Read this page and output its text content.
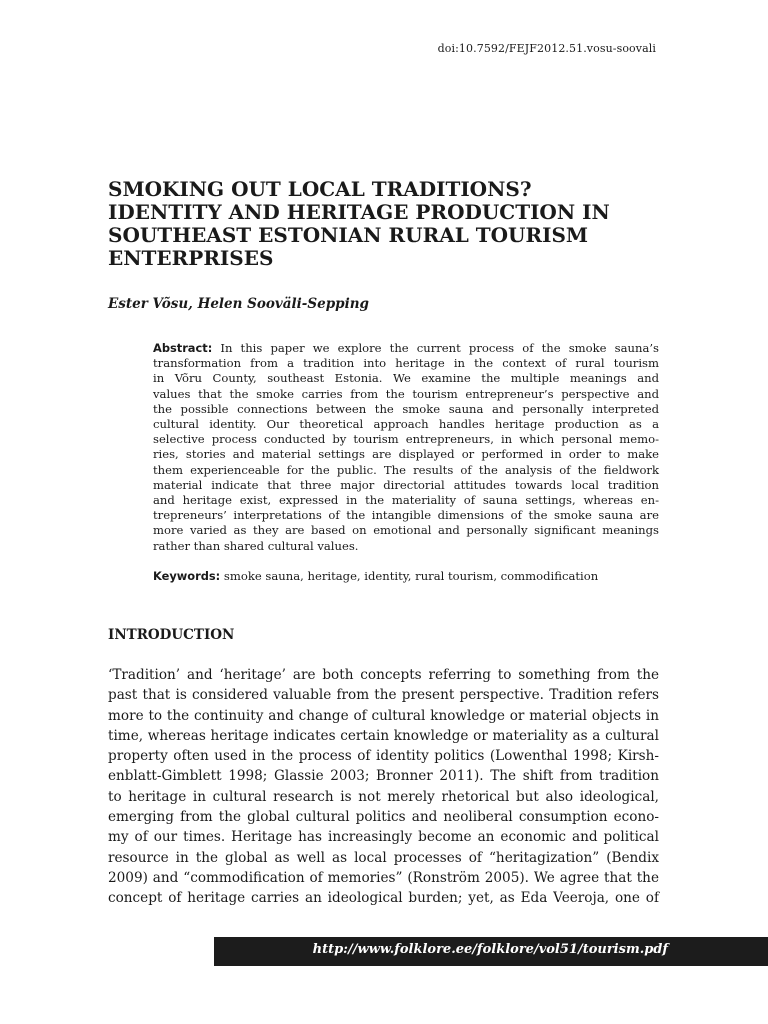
doi:10.7592/FEJF2012.51.vosu-soovali
SMOKING OUT LOCAL TRADITIONS?
IDENTITY AND HERITAGE PRODUCTION IN
SOUTHEAST ESTONIAN RURAL TOURISM
ENTERPRISES
Ester Võsu, Helen Sooväli-Sepping
Abstract: In this paper we explore the current process of the smoke sauna’s
transformation from a tradition into heritage in the context of rural tourism
in Võru County, southeast Estonia. We examine the multiple meanings and
values that the smoke carries from the tourism entrepreneur’s perspective and
the possible connections between the smoke sauna and personally interpreted
cultural identity. Our theoretical approach handles heritage production as a
selective process conducted by tourism entrepreneurs, in which personal memo-
ries, stories and material settings are displayed or performed in order to make
them experienceable for the public. The results of the analysis of the fieldwork
material indicate that three major directorial attitudes towards local tradition
and heritage exist, expressed in the materiality of sauna settings, whereas en-
trepreneurs’ interpretations of the intangible dimensions of the smoke sauna are
more varied as they are based on emotional and personally significant meanings
rather than shared cultural values.
Keywords: smoke sauna, heritage, identity, rural tourism, commodification
INTRODUCTION
‘Tradition’ and ‘heritage’ are both concepts referring to something from the
past that is considered valuable from the present perspective. Tradition refers
more to the continuity and change of cultural knowledge or material objects in
time, whereas heritage indicates certain knowledge or materiality as a cultural
property often used in the process of identity politics (Lowenthal 1998; Kirsh-
enblatt-Gimblett 1998; Glassie 2003; Bronner 2011). The shift from tradition
to heritage in cultural research is not merely rhetorical but also ideological,
emerging from the global cultural politics and neoliberal consumption econo-
my of our times. Heritage has increasingly become an economic and political
resource in the global as well as local processes of “heritagization” (Bendix
2009) and “commodification of memories” (Ronström 2005). We agree that the
concept of heritage carries an ideological burden; yet, as Eda Veeroja, one of
http://www.folklore.ee/folklore/vol51/tourism.pdf
